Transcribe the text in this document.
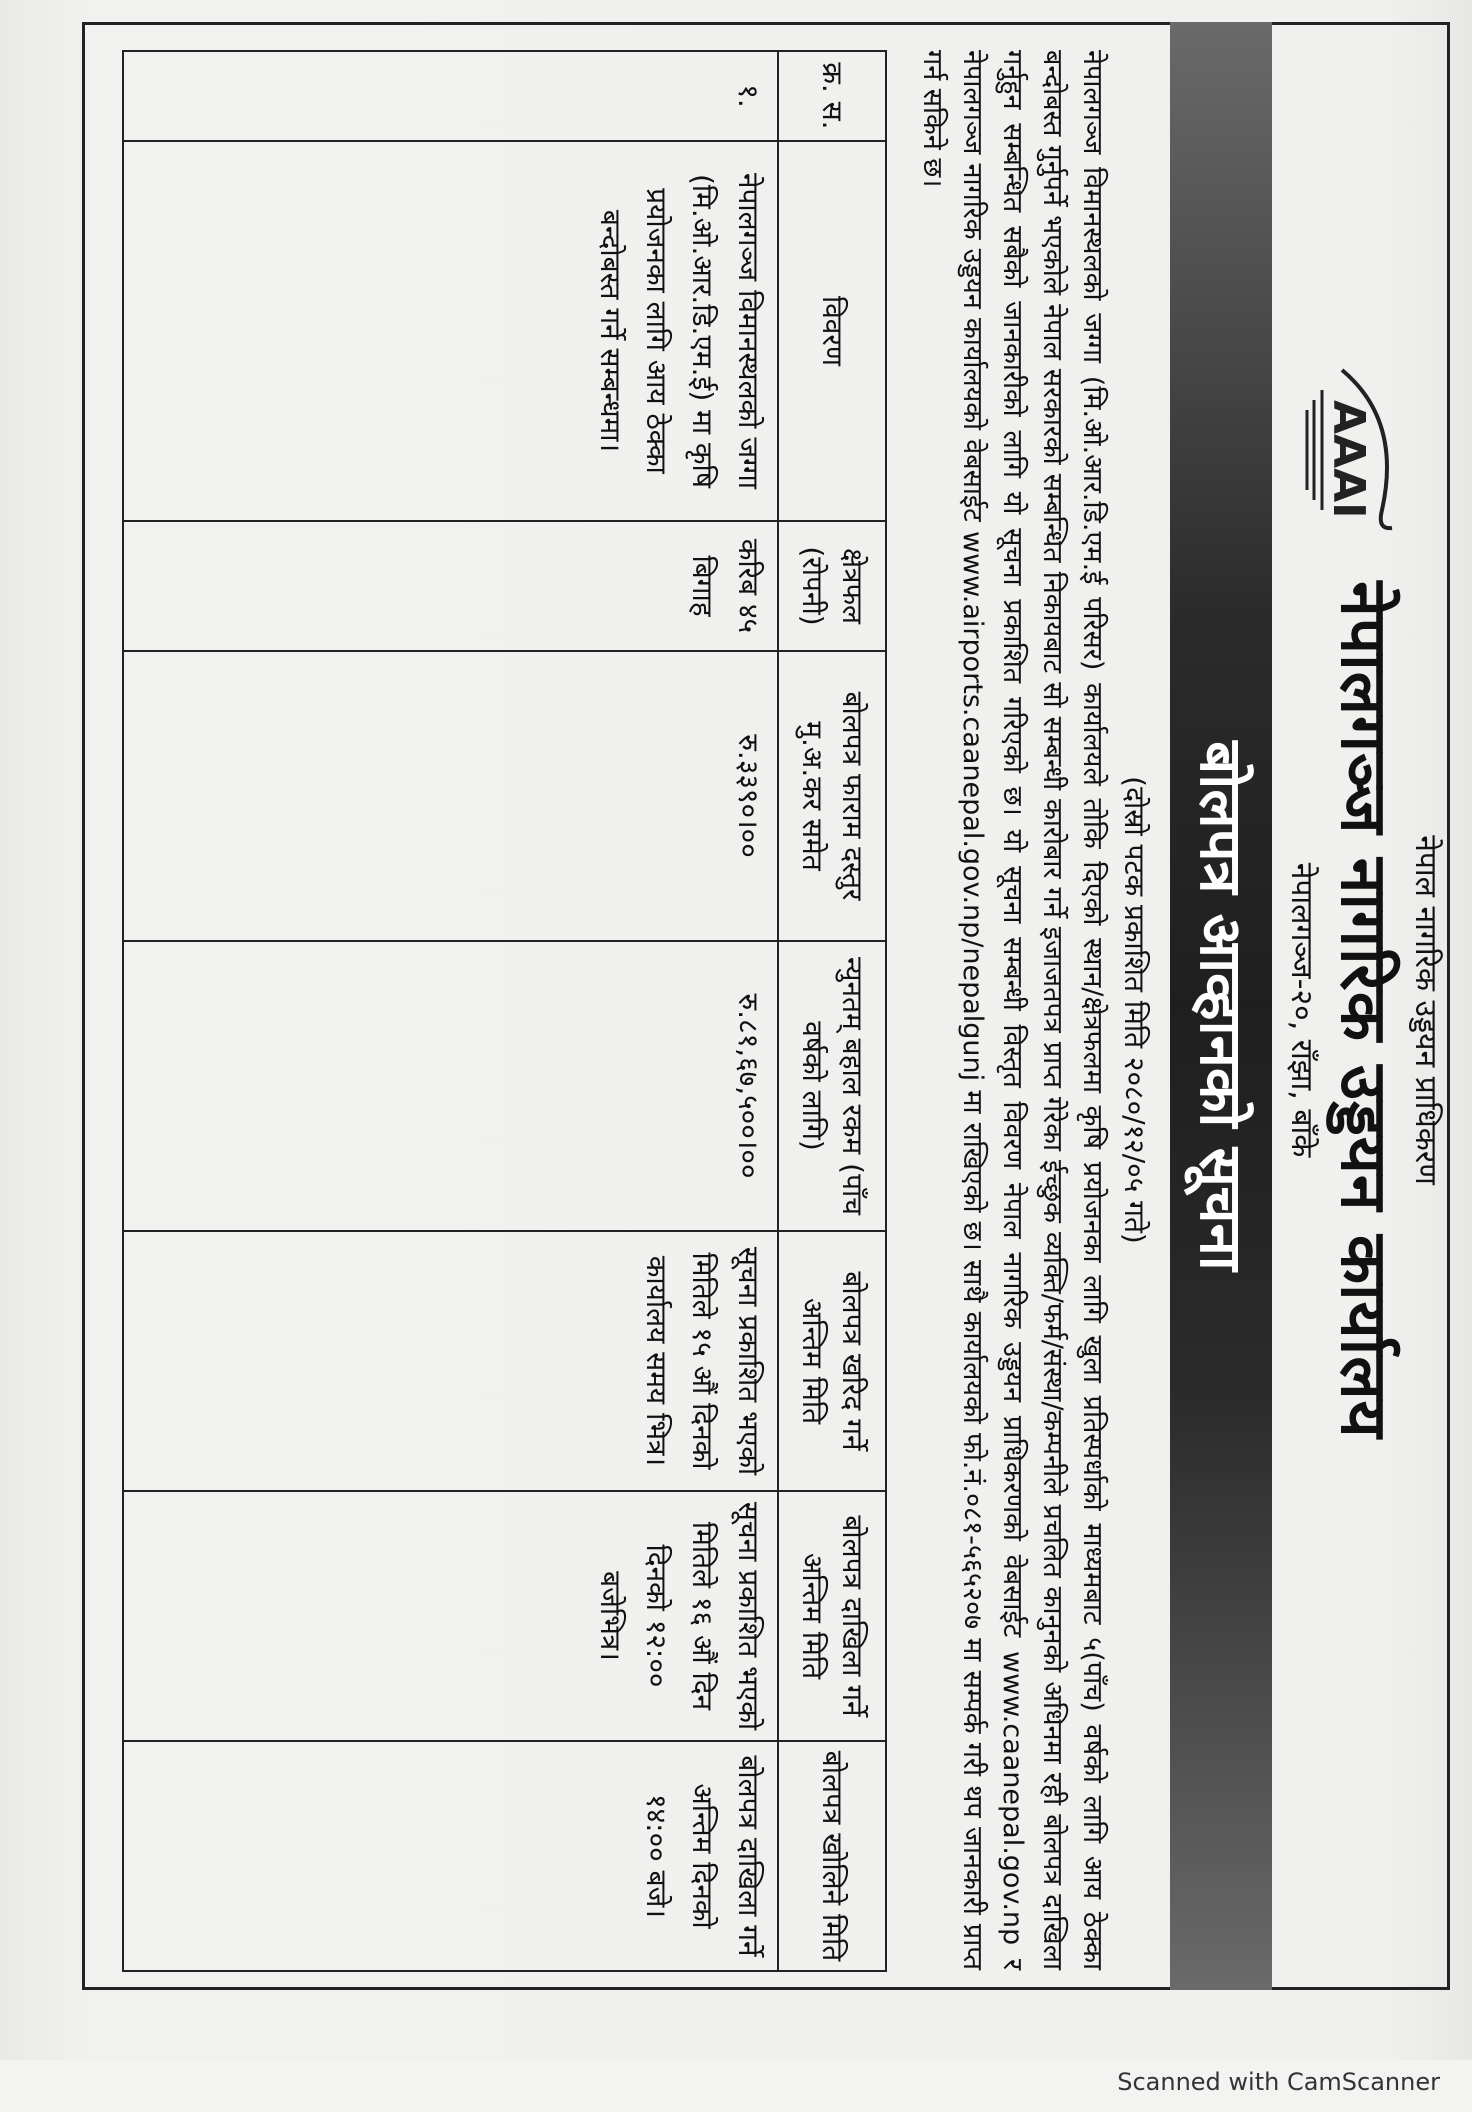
AAAI
नेपाल नागरिक उड्डयन प्राधिकरण
नेपालगञ्ज नागरिक उड्डयन कार्यालय
नेपालगञ्ज-२०, राँझा, बाँके
बोलपत्र आव्हानको सूचना
(दोस्रो पटक प्रकाशित मिति २०८०/१२/०५ गते)
नेपालगञ्ज विमानस्थलको जग्गा (मि.ओ.आर.डि.एम.ई परिसर) कार्यालयले तोकि दिएको स्थान/क्षेत्रफलमा कृषि प्रयोजनका लागि खुला प्रतिस्पर्धाको माध्यमबाट ५(पाँच) वर्षको लागि आय ठेक्का बन्दोबस्त गुर्नुपर्ने भएकोले नेपाल सरकारको सम्बन्धित निकायबाट सो सम्बन्धी कारोबार गर्ने इजाजतपत्र प्राप्त गेरेका ईच्छुक व्यक्ति/फर्म/संस्था/कम्पनीले प्रचलित कानुनको अधिनमा रही बोलपत्र दाखिला गर्नुहुन सम्बन्धित सबैको जानकारीको लागि यो सूचना प्रकाशित गरिएको छ। यो सूचना सम्बन्धी विस्तृत विवरण नेपाल नागरिक उड्डयन प्राधिकरणको वेबसाईट www.caanepal.gov.np र नेपालगञ्ज नागरिक उड्डयन कार्यालयको वेबसाईट www.airports.caanepal.gov.np/nepalgunj मा राखिएको छ। साथै कार्यालयको फो.नं.०८१-५६५२०७ मा सम्पर्क गरी थप जानकारी प्राप्त गर्न सकिने छ।
क्र. स.	विवरण	क्षेत्रफल (रोपनी)	बोलपत्र फाराम दस्तुर मु.अ.कर समेत	न्युनतम् बहाल रकम (पाँच वर्षको लागि)	बोलपत्र खरिद गर्ने अन्तिम मिति	बोलपत्र दाखिला गर्ने अन्तिम मिति	बोलपत्र खोलिने मिति
१.	नेपालगञ्ज विमानस्थलको जग्गा (मि.ओ.आर.डि.एम.ई) मा कृषि प्रयोजनका लागि आय ठेक्का बन्दोबस्त गर्ने सम्बन्धमा।	करिब ४५ बिगाह	रु.३३९०।००	रु.८१,६७,५००।००	सूचना प्रकाशित भएको मितिले १५ औं दिनको कार्यालय समय भित्र।	सूचना प्रकाशित भएको मितिले १६ औं दिन दिनको १२:०० बजेभित्र।	बोलपत्र दाखिला गर्ने अन्तिम दिनको १४:०० बजे।
Scanned with CamScanner
